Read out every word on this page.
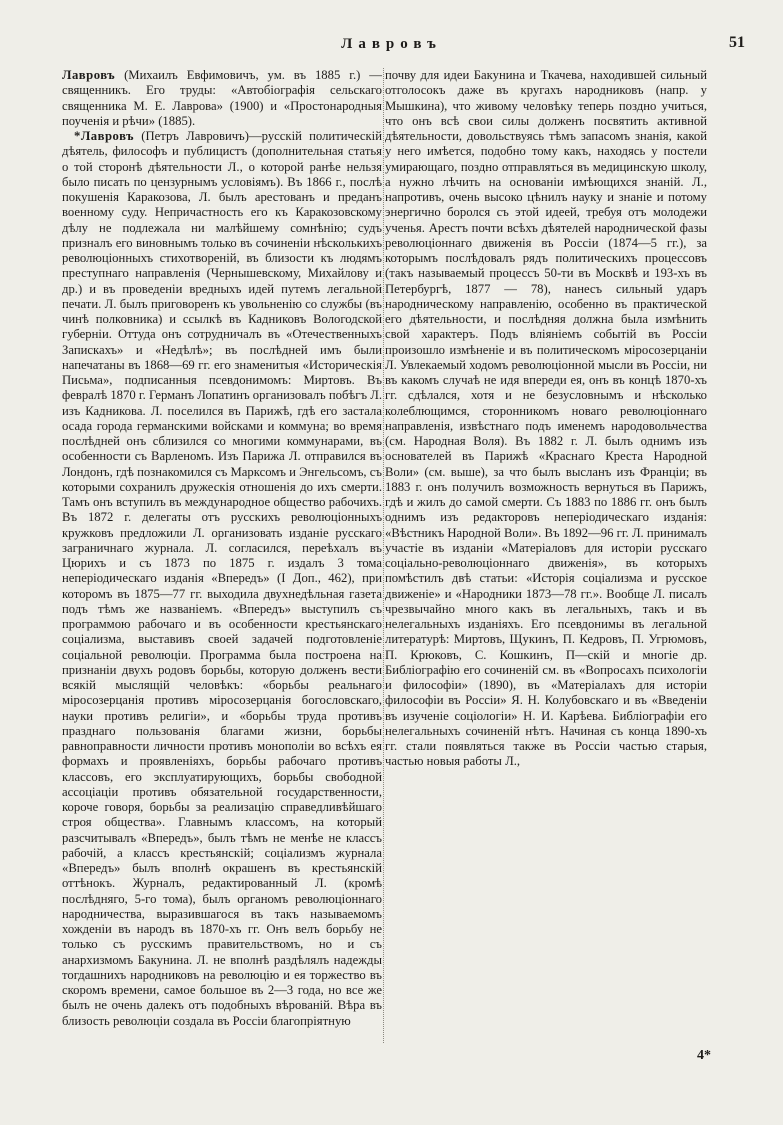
Лавровъ	51

Лавровъ (Михаилъ Евфимовичъ, ум. въ 1885 г.) — священникъ. Его труды: «Автобіографія сельскаго священника М. Е. Лаврова» (1900) и «Простонародныя поученія и рѣчи» (1885).

*Лавровъ (Петръ Лавровичъ)—русскій политическій дѣятель, философъ и публицистъ (дополнительная статья о той сторонѣ дѣятельности Л., о которой ранѣе нельзя было писать по цензурнымъ условіямъ). Въ 1866 г., послѣ покушенія Каракозова, Л. былъ арестованъ и преданъ военному суду. Непричастность его къ Каракозовскому дѣлу не подлежала ни малѣйшему сомнѣнію; судъ призналъ его виновнымъ только въ сочиненіи нѣсколькихъ революціонныхъ стихотвореній, въ близости къ людямъ преступнаго направленія (Чернышевскому, Михайлову и др.) и въ проведеніи вредныхъ идей путемъ легальной печати. Л. былъ приговоренъ къ увольненію со службы (въ чинѣ полковника) и ссылкѣ въ Кадниковъ Вологодской губерніи. Оттуда онъ сотрудничалъ въ «Отечественныхъ Запискахъ» и «Недѣлѣ»; въ послѣдней имъ были напечатаны въ 1868—69 гг. его знаменитыя «Историческія Письма», подписанныя псевдонимомъ: Миртовъ. Въ февралѣ 1870 г. Германъ Лопатинъ организовалъ побѣгъ Л. изъ Кадникова. Л. поселился въ Парижѣ, гдѣ его застала осада города германскими войсками и коммуна; во время послѣдней онъ сблизился со многими коммунарами, въ особенности съ Варленомъ. Изъ Парижа Л. отправился въ Лондонъ, гдѣ познакомился съ Марксомъ и Энгельсомъ, съ которыми сохранилъ дружескія отношенія до ихъ смерти. Тамъ онъ вступилъ въ международное общество рабочихъ. Въ 1872 г. делегаты отъ русскихъ революціонныхъ кружковъ предложили Л. организовать изданіе русскаго заграничнаго журнала. Л. согласился, переѣхалъ въ Цюрихъ и съ 1873 по 1875 г. издалъ 3 тома непеpіодическаго изданія «Впередъ» (I Доп., 462), при которомъ въ 1875—77 гг. выходила двухнедѣльная газета подъ тѣмъ же названіемъ. «Впередъ» выступилъ съ программою рабочаго и въ особенности крестьянскаго соціализма, выставивъ своей задачей подготовленіе соціальной революціи. Программа была построена на признаніи двухъ родовъ борьбы, которую долженъ вести всякій мыслящій человѣкъ: «борьбы реальнаго міросозерцанія противъ міросозерцанія богословскаго, науки противъ религіи», и «борьбы труда противъ празднаго пользованія благами жизни, борьбы равноправности личности противъ монополіи во всѣхъ ея формахъ и проявленіяхъ, борьбы рабочаго противъ классовъ, его эксплуатирующихъ, борьбы свободной ассоціаціи противъ обязательной государственности, короче говоря, борьбы за реализацію справедливѣйшаго строя общества». Главнымъ классомъ, на который разсчитывалъ «Впередъ», былъ тѣмъ не менѣе не классъ рабочій, а классъ крестьянскій; соціализмъ журнала «Впередъ» былъ вполнѣ окрашенъ въ крестьянскій оттѣнокъ. Журналъ, редактированный Л. (кромѣ послѣдняго, 5-го тома), былъ органомъ революціоннаго народничества, выразившагося въ такъ называемомъ хожденіи въ народъ въ 1870-хъ гг. Онъ велъ борьбу не только съ русскимъ правительствомъ, но и съ анархизмомъ Бакунина. Л. не вполнѣ раздѣлялъ надежды тогдашнихъ народниковъ на революцію и ея торжество въ скоромъ времени, самое большое въ 2—3 года, но все же былъ не очень далекъ отъ подобныхъ вѣрованій. Вѣра въ близость революціи создала въ Россіи благопріятную

почву для идеи Бакунина и Ткачева, находившей сильный отголосокъ даже въ кругахъ народниковъ (напр. у Мышкина), что живому человѣку теперь поздно учиться, что онъ всѣ свои силы долженъ посвятить активной дѣятельности, довольствуясь тѣмъ запасомъ знанія, какой у него имѣется, подобно тому какъ, находясь у постели умирающаго, поздно отправляться въ медицинскую школу, а нужно лѣчить на основаніи имѣющихся знаній. Л., напротивъ, очень высоко цѣнилъ науку и знаніе и потому энергично боролся съ этой идеей, требуя отъ молодежи ученья. Арестъ почти всѣхъ дѣятелей народнической фазы революціоннаго движенія въ Россіи (1874—5 гг.), за которымъ послѣдовалъ рядъ политическихъ процессовъ (такъ называемый процессъ 50-ти въ Москвѣ и 193-хъ въ Петербургѣ, 1877 — 78), нанесъ сильный ударъ народническому направленію, особенно въ практической его дѣятельности, и послѣдняя должна была измѣнить свой характеръ. Подъ вліяніемъ событій въ Россіи произошло измѣненіе и въ политическомъ міросозерцаніи Л. Увлекаемый ходомъ революціонной мысли въ Россіи, ни въ какомъ случаѣ не идя впереди ея, онъ въ концѣ 1870-хъ гг. сдѣлался, хотя и не безусловнымъ и нѣсколько колеблющимся, сторонникомъ новаго революціоннаго направленія, извѣстнаго подъ именемъ народовольчества (см. Народная Воля). Въ 1882 г. Л. былъ однимъ изъ основателей въ Парижѣ «Краснаго Креста Народной Воли» (см. выше), за что былъ высланъ изъ Франціи; въ 1883 г. онъ получилъ возможность вернуться въ Парижъ, гдѣ и жилъ до самой смерти. Съ 1883 по 1886 гг. онъ былъ однимъ изъ редакторовъ непеpіодическаго изданія: «Вѣстникъ Народной Воли». Въ 1892—96 гг. Л. принималъ участіе въ изданіи «Матеріаловъ для исторіи русскаго соціально-революціоннаго движенія», въ которыхъ помѣстилъ двѣ статьи: «Исторія соціализма и русское движеніе» и «Народники 1873—78 гг.». Вообще Л. писалъ чрезвычайно много какъ въ легальныхъ, такъ и въ нелегальныхъ изданіяхъ. Его псевдонимы въ легальной литературѣ: Миртовъ, Щукинъ, П. Кедровъ, П. Угрюмовъ, П. Крюковъ, С. Кошкинъ, П—скій и многіе др. Библіографію его сочиненій см. въ «Вопросахъ психологіи и философіи» (1890), въ «Матеріалахъ для исторіи философіи въ Россіи» Я. Н. Колубовскаго и въ «Введеніи въ изученіе соціологіи» Н. И. Карѣева. Библіографіи его нелегальныхъ сочиненій нѣтъ. Начиная съ конца 1890-хъ гг. стали появляться также въ Россіи частью старыя, частью новыя работы Л.,

4*
